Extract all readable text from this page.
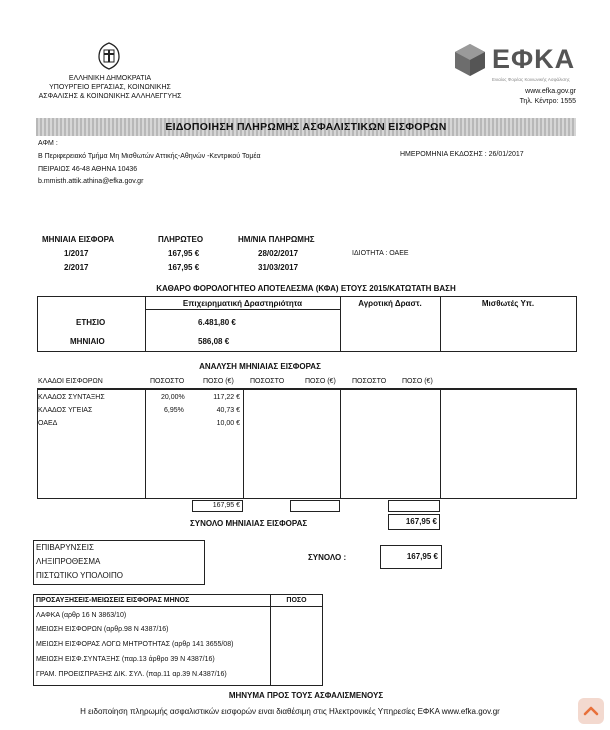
ΕΛΛΗΝΙΚΗ ΔΗΜΟΚΡΑΤΙΑ
ΥΠΟΥΡΓΕΙΟ ΕΡΓΑΣΙΑΣ, ΚΟΙΝΩΝΙΚΗΣ
ΑΣΦΑΛΙΣΗΣ & ΚΟΙΝΩΝΙΚΗΣ ΑΛΛΗΛΕΓΓΥΗΣ
ΕΦΚΑ
Ενιαίος Φορέας Κοινωνικής Ασφάλισης
www.efka.gov.gr
Τηλ. Κέντρο: 1555
ΕΙΔΟΠΟΙΗΣΗ ΠΛΗΡΩΜΗΣ ΑΣΦΑΛΙΣΤΙΚΩΝ ΕΙΣΦΟΡΩΝ
ΑΦΜ :
Β Περιφερειακό Τμήμα Μη Μισθωτών Αττικής-Αθηνών -Κεντρικού Τομέα
ΠΕΙΡΑΙΩΣ 46-48 ΑΘΗΝΑ 10436
b.mmisth.attik.athina@efka.gov.gr
ΗΜΕΡΟΜΗΝΙΑ ΕΚΔΟΣΗΣ : 26/01/2017
ΜΗΝΙΑΙΑ ΕΙΣΦΟΡΑ	ΠΛΗΡΩΤΕΟ	ΗΜ/ΝΙΑ ΠΛΗΡΩΜΗΣ
1/2017	167,95 €	28/02/2017	ΙΔΙΟΤΗΤΑ : ΟΑΕΕ
2/2017	167,95 €	31/03/2017
ΚΑΘΑΡΟ ΦΟΡΟΛΟΓΗΤΕΟ ΑΠΟΤΕΛΕΣΜΑ (ΚΦΑ) ΕΤΟΥΣ 2015/ΚΑΤΩΤΑΤΗ ΒΑΣΗ
Επιχειρηματική Δραστηριότητα	Αγροτική Δραστ.	Μισθωτές Υπ.
ΕΤΗΣΙΟ	6.481,80 €
ΜΗΝΙΑΙΟ	586,08 €
ΑΝΑΛΥΣΗ ΜΗΝΙΑΙΑΣ ΕΙΣΦΟΡΑΣ
ΚΛΑΔΟΙ ΕΙΣΦΟΡΩΝ	ΠΟΣΟΣΤΟ	ΠΟΣΟ (€) ΠΟΣΟΣΤΟ	ΠΟΣΟ (€) ΠΟΣΟΣΤΟ ΠΟΣΟ (€)
ΚΛΑΔΟΣ ΣΥΝΤΑΞΗΣ	20,00%	117,22 €
ΚΛΑΔΟΣ ΥΓΕΙΑΣ	6,95%	40,73 €
ΟΑΕΔ	10,00 €
167,95 €
ΣΥΝΟΛΟ ΜΗΝΙΑΙΑΣ ΕΙΣΦΟΡΑΣ	167,95 €
ΕΠΙΒΑΡΥΝΣΕΙΣ
ΛΗΞΙΠΡΟΘΕΣΜΑ
ΠΙΣΤΩΤΙΚΟ ΥΠΟΛΟΙΠΟ
ΣΥΝΟΛΟ :	167,95 €
ΠΡΟΣΑΥΞΗΣΕΙΣ-ΜΕΙΩΣΕΙΣ ΕΙΣΦΟΡΑΣ ΜΗΝΟΣ	ΠΟΣΟ
ΛΑΦΚΑ (αρθρ 16 Ν 3863/10)
ΜΕΙΩΣΗ ΕΙΣΦΟΡΩΝ (αρθρ.98 Ν 4387/16)
ΜΕΙΩΣΗ ΕΙΣΦΟΡΑΣ ΛΟΓΩ ΜΗΤΡΟΤΗΤΑΣ (αρθρ 141 3655/08)
ΜΕΙΩΣΗ ΕΙΣΦ.ΣΥΝΤΑΞΗΣ (παρ.13 άρθρο 39 Ν 4387/16)
ΓΡΑΜ. ΠΡΟΕΙΣΠΡΑΞΗΣ ΔΙΚ. ΣΥΛ. (παρ.11 αρ.39 Ν.4387/16)
ΜΗΝΥΜΑ ΠΡΟΣ ΤΟΥΣ ΑΣΦΑΛΙΣΜΕΝΟΥΣ
Η ειδοποίηση πληρωμής ασφαλιστικών εισφορών ειναι διαθέσιμη στις Ηλεκτρονικές Υπηρεσίες ΕΦΚΑ www.efka.gov.gr
